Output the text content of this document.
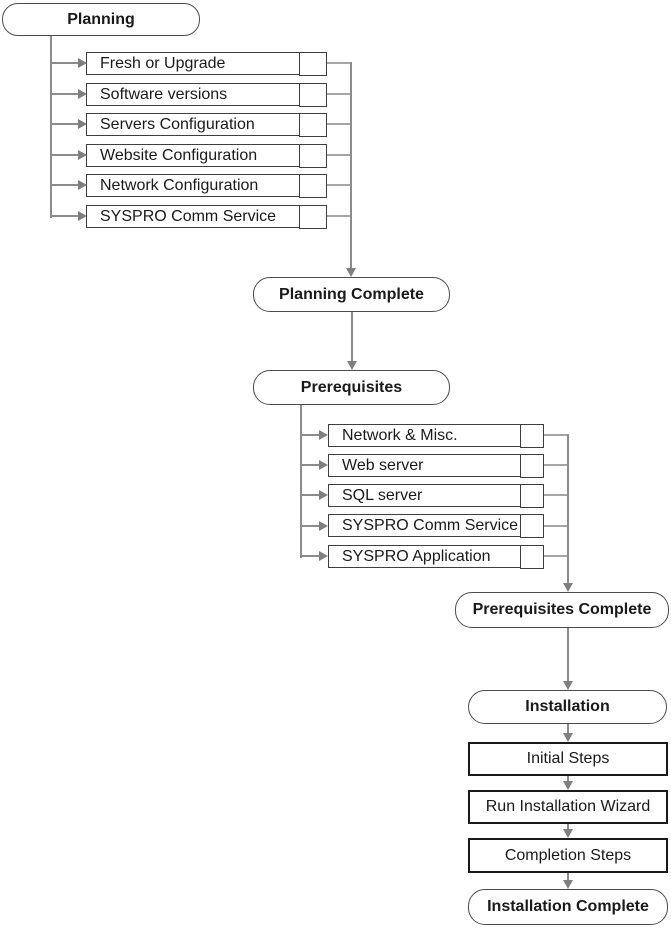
Planning
Fresh or Upgrade
Software versions
Servers Configuration
Website Configuration
Network Configuration
SYSPRO Comm Service
Planning Complete
Prerequisites
Network & Misc.
Web server
SQL server
SYSPRO Comm Service
SYSPRO Application
Prerequisites Complete
Installation
Initial Steps
Run Installation Wizard
Completion Steps
Installation Complete
